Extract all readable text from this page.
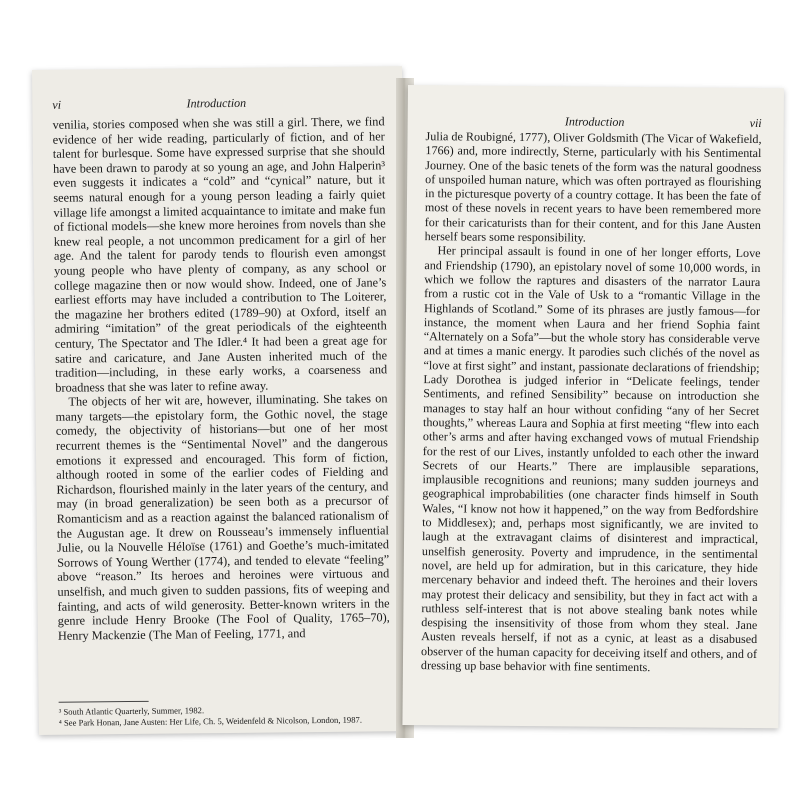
vi	Introduction

venilia, stories composed when she was still a girl. There, we find evidence of her wide reading, particularly of fiction, and of her talent for burlesque. Some have expressed surprise that she should have been drawn to parody at so young an age, and John Halperin³ even suggests it indicates a “cold” and “cynical” nature, but it seems natural enough for a young person leading a fairly quiet village life amongst a limited acquaintance to imitate and make fun of fictional models—she knew more heroines from novels than she knew real people, a not uncommon predicament for a girl of her age. And the talent for parody tends to flourish even amongst young people who have plenty of company, as any school or college magazine then or now would show. Indeed, one of Jane’s earliest efforts may have included a contribution to The Loiterer, the magazine her brothers edited (1789–90) at Oxford, itself an admiring “imitation” of the great periodicals of the eighteenth century, The Spectator and The Idler.⁴ It had been a great age for satire and caricature, and Jane Austen inherited much of the tradition—including, in these early works, a coarseness and broadness that she was later to refine away.

The objects of her wit are, however, illuminating. She takes on many targets—the epistolary form, the Gothic novel, the stage comedy, the objectivity of historians—but one of her most recurrent themes is the “Sentimental Novel” and the dangerous emotions it expressed and encouraged. This form of fiction, although rooted in some of the earlier codes of Fielding and Richardson, flourished mainly in the later years of the century, and may (in broad generalization) be seen both as a precursor of Romanticism and as a reaction against the balanced rationalism of the Augustan age. It drew on Rousseau’s immensely influential Julie, ou la Nouvelle Héloïse (1761) and Goethe’s much-imitated Sorrows of Young Werther (1774), and tended to elevate “feeling” above “reason.” Its heroes and heroines were virtuous and unselfish, and much given to sudden passions, fits of weeping and fainting, and acts of wild generosity. Better-known writers in the genre include Henry Brooke (The Fool of Quality, 1765–70), Henry Mackenzie (The Man of Feeling, 1771, and

³ South Atlantic Quarterly, Summer, 1982.

⁴ See Park Honan, Jane Austen: Her Life, Ch. 5, Weidenfeld & Nicolson, London, 1987.

Introduction	vii

Julia de Roubigné, 1777), Oliver Goldsmith (The Vicar of Wakefield, 1766) and, more indirectly, Sterne, particularly with his Sentimental Journey. One of the basic tenets of the form was the natural goodness of unspoiled human nature, which was often portrayed as flourishing in the picturesque poverty of a country cottage. It has been the fate of most of these novels in recent years to have been remembered more for their caricaturists than for their content, and for this Jane Austen herself bears some responsibility.

Her principal assault is found in one of her longer efforts, Love and Friendship (1790), an epistolary novel of some 10,000 words, in which we follow the raptures and disasters of the narrator Laura from a rustic cot in the Vale of Usk to a “romantic Village in the Highlands of Scotland.” Some of its phrases are justly famous—for instance, the moment when Laura and her friend Sophia faint “Alternately on a Sofa”—but the whole story has considerable verve and at times a manic energy. It parodies such clichés of the novel as “love at first sight” and instant, passionate declarations of friendship; Lady Dorothea is judged inferior in “Delicate feelings, tender Sentiments, and refined Sensibility” because on introduction she manages to stay half an hour without confiding “any of her Secret thoughts,” whereas Laura and Sophia at first meeting “flew into each other’s arms and after having exchanged vows of mutual Friendship for the rest of our Lives, instantly unfolded to each other the inward Secrets of our Hearts.” There are implausible separations, implausible recognitions and reunions; many sudden journeys and geographical improbabilities (one character finds himself in South Wales, “I know not how it happened,” on the way from Bedfordshire to Middlesex); and, perhaps most significantly, we are invited to laugh at the extravagant claims of disinterest and impractical, unselfish generosity. Poverty and imprudence, in the sentimental novel, are held up for admiration, but in this caricature, they hide mercenary behavior and indeed theft. The heroines and their lovers may protest their delicacy and sensibility, but they in fact act with a ruthless self-interest that is not above stealing bank notes while despising the insensitivity of those from whom they steal. Jane Austen reveals herself, if not as a cynic, at least as a disabused observer of the human capacity for deceiving itself and others, and of dressing up base behavior with fine sentiments.
